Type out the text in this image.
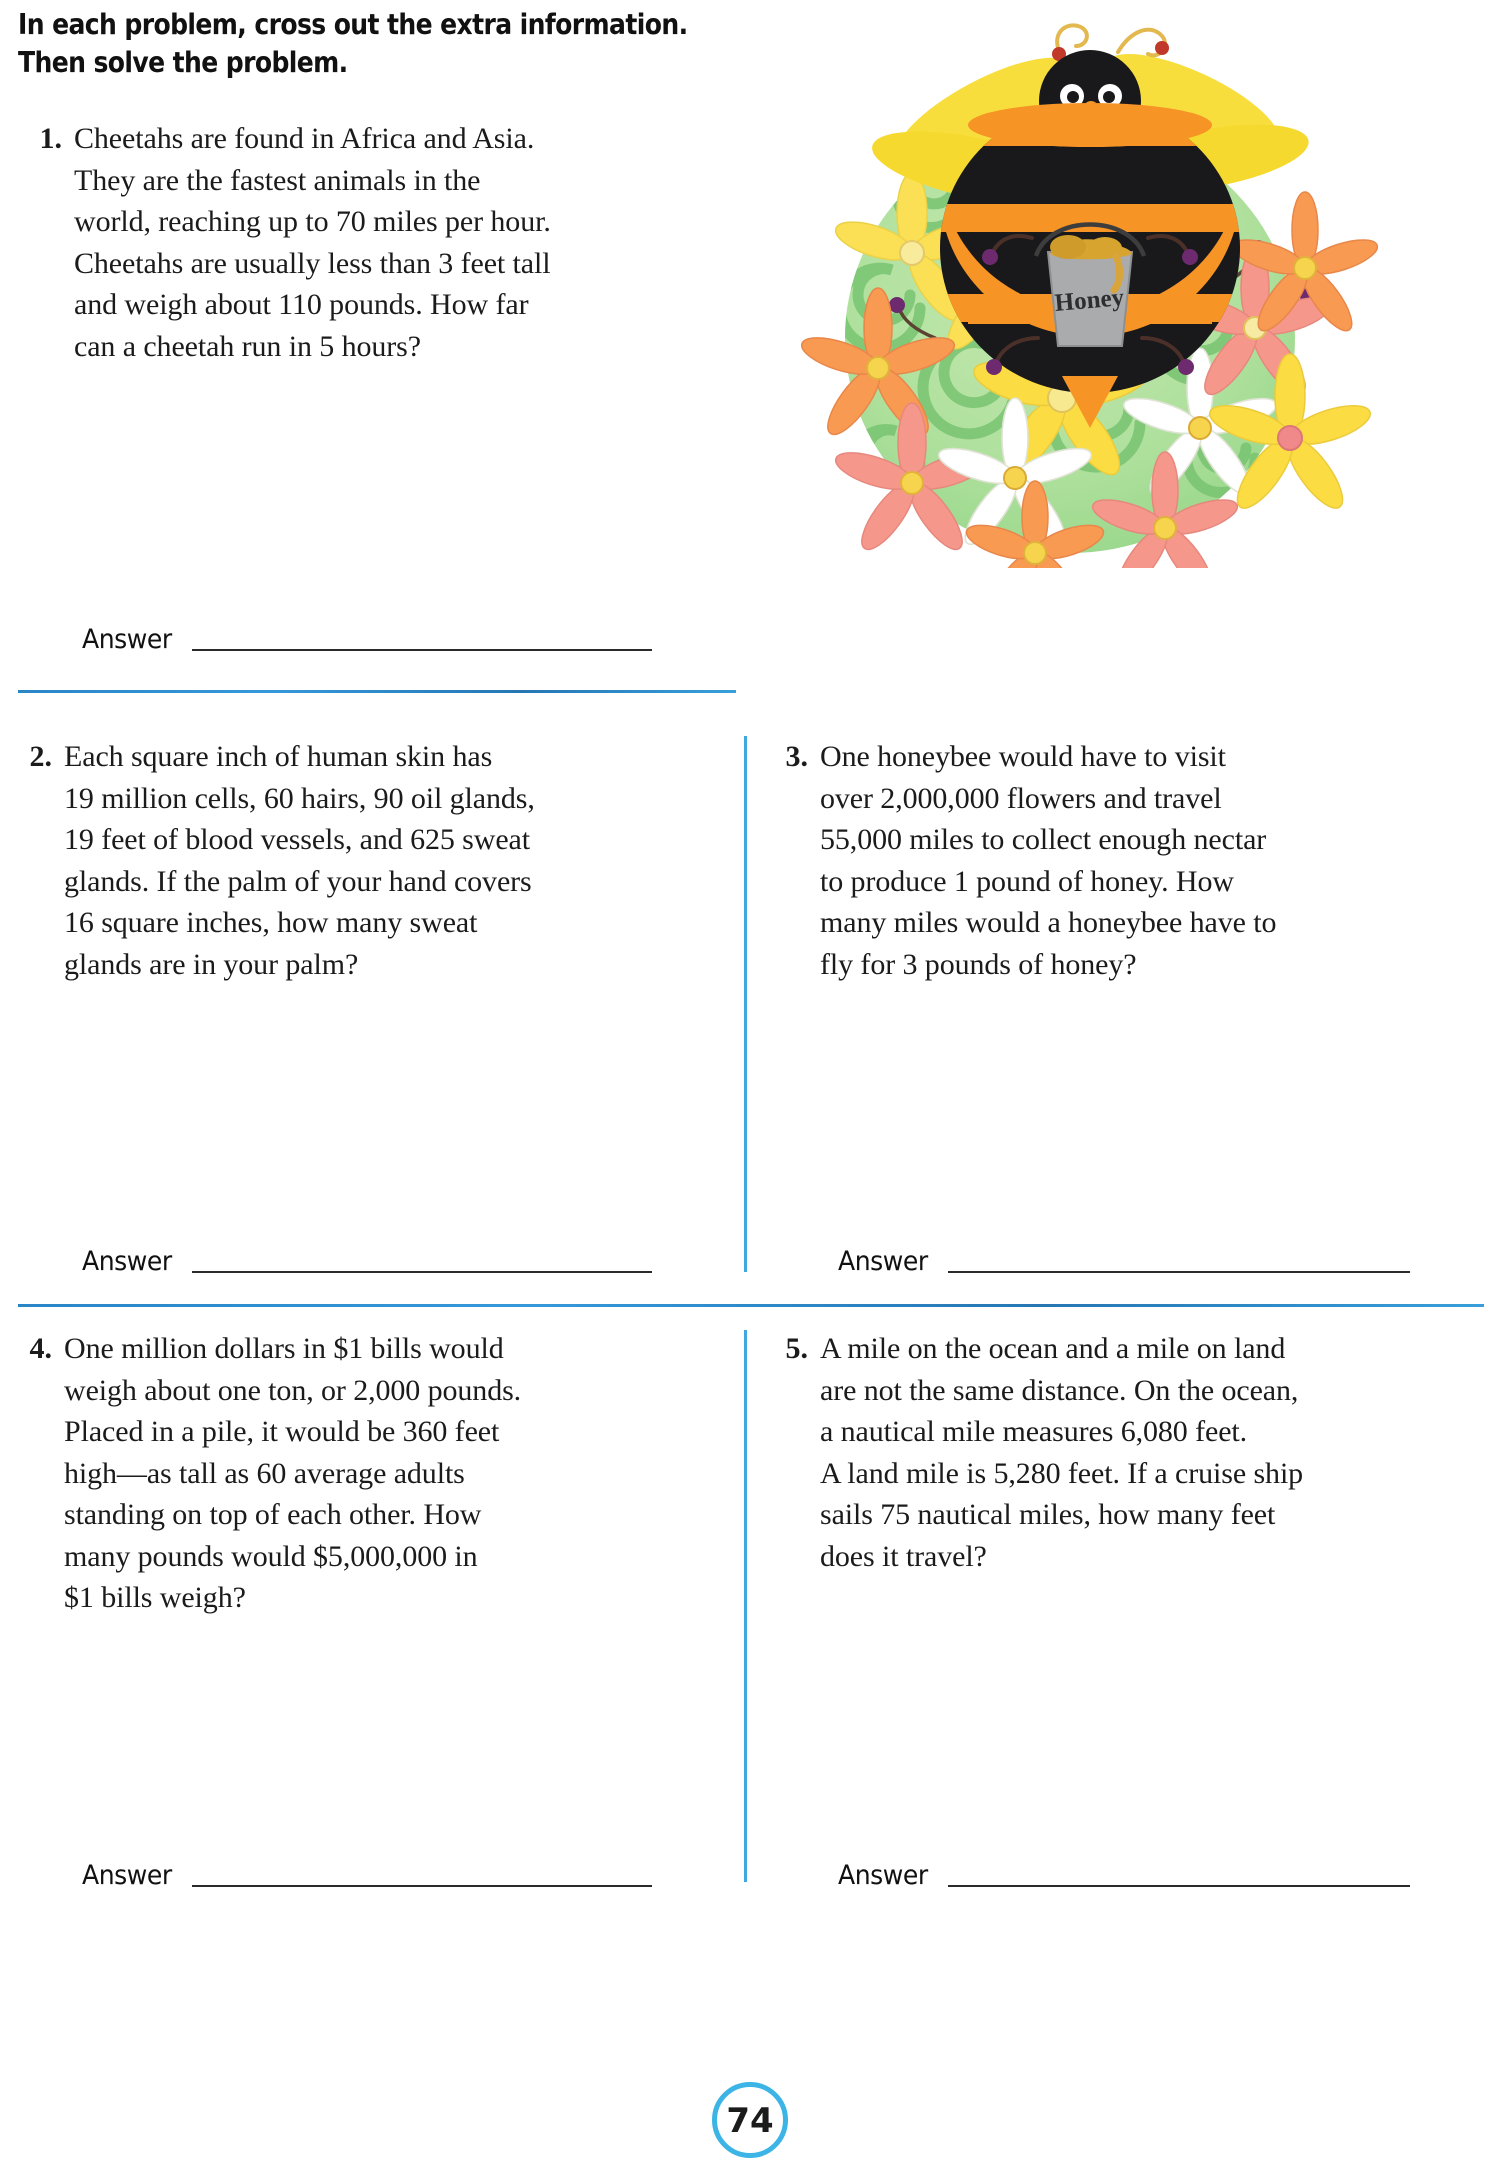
In each problem, cross out the extra information.
Then solve the problem.
Honey
1. Cheetahs are found in Africa and Asia.
They are the fastest animals in the
world, reaching up to 70 miles per hour.
Cheetahs are usually less than 3 feet tall
and weigh about 110 pounds. How far
can a cheetah run in 5 hours?
Answer
2. Each square inch of human skin has
19 million cells, 60 hairs, 90 oil glands,
19 feet of blood vessels, and 625 sweat
glands. If the palm of your hand covers
16 square inches, how many sweat
glands are in your palm?
3. One honeybee would have to visit
over 2,000,000 flowers and travel
55,000 miles to collect enough nectar
to produce 1 pound of honey. How
many miles would a honeybee have to
fly for 3 pounds of honey?
Answer	Answer
4. One million dollars in $1 bills would
weigh about one ton, or 2,000 pounds.
Placed in a pile, it would be 360 feet
high—as tall as 60 average adults
standing on top of each other. How
many pounds would $5,000,000 in
$1 bills weigh?
5. A mile on the ocean and a mile on land
are not the same distance. On the ocean,
a nautical mile measures 6,080 feet.
A land mile is 5,280 feet. If a cruise ship
sails 75 nautical miles, how many feet
does it travel?
Answer	Answer
74
